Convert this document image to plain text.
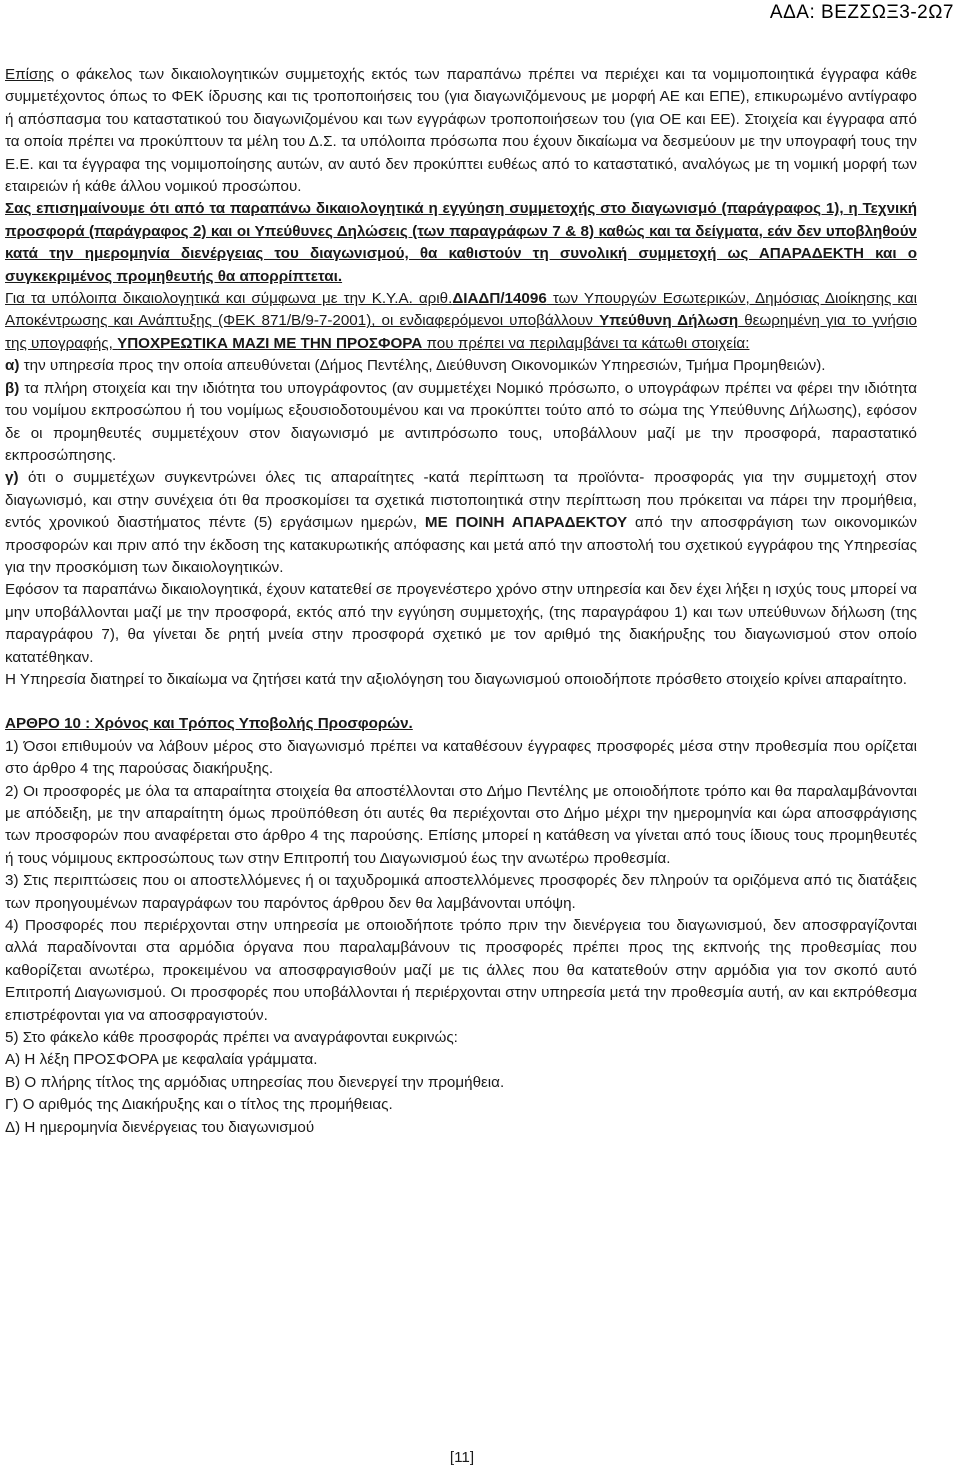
ΑΔΑ: ΒΕΖΣΩΞ3-2Ω7

Επίσης ο φάκελος των δικαιολογητικών συμμετοχής εκτός των παραπάνω πρέπει να περιέχει και τα νομιμοποιητικά έγγραφα κάθε συμμετέχοντος όπως το ΦΕΚ ίδρυσης και τις τροποποιήσεις του (για διαγωνιζόμενους με μορφή ΑΕ και ΕΠΕ), επικυρωμένο αντίγραφο ή απόσπασμα του καταστατικού του διαγωνιζομένου και των εγγράφων τροποποιήσεων του (για ΟΕ και ΕΕ). Στοιχεία και έγγραφα από τα οποία πρέπει να προκύπτουν τα μέλη του Δ.Σ. τα υπόλοιπα πρόσωπα που έχουν δικαίωμα να δεσμεύουν με την υπογραφή τους την Ε.Ε. και τα έγγραφα της νομιμοποίησης αυτών, αν αυτό δεν προκύπτει ευθέως από το καταστατικό, αναλόγως με τη νομική μορφή των εταιρειών ή κάθε άλλου νομικού προσώπου.

Σας επισημαίνουμε ότι από τα παραπάνω δικαιολογητικά η εγγύηση συμμετοχής στο διαγωνισμό (παράγραφος 1), η Τεχνική προσφορά (παράγραφος 2) και οι Υπεύθυνες Δηλώσεις (των παραγράφων 7 & 8) καθώς και τα δείγματα, εάν δεν υποβληθούν κατά την ημερομηνία διενέργειας του διαγωνισμού, θα καθιστούν τη συνολική συμμετοχή ως ΑΠΑΡΑΔΕΚΤΗ και ο συγκεκριμένος προμηθευτής θα απορρίπτεται.

Για τα υπόλοιπα δικαιολογητικά και σύμφωνα με την Κ.Υ.Α. αριθ.ΔΙΑΔΠ/14096 των Υπουργών Εσωτερικών, Δημόσιας Διοίκησης και Αποκέντρωσης και Ανάπτυξης (ΦΕΚ 871/Β/9-7-2001), οι ενδιαφερόμενοι υποβάλλουν Υπεύθυνη Δήλωση θεωρημένη για το γνήσιο της υπογραφής, ΥΠΟΧΡΕΩΤΙΚΑ ΜΑΖΙ ΜΕ ΤΗΝ ΠΡΟΣΦΟΡΑ που πρέπει να περιλαμβάνει τα κάτωθι στοιχεία:

α) την υπηρεσία προς την οποία απευθύνεται (Δήμος Πεντέλης, Διεύθυνση Οικονομικών Υπηρεσιών, Τμήμα Προμηθειών).

β) τα πλήρη στοιχεία και την ιδιότητα του υπογράφοντος (αν συμμετέχει Νομικό πρόσωπο, ο υπογράφων πρέπει να φέρει την ιδιότητα του νομίμου εκπροσώπου ή του νομίμως εξουσιοδοτουμένου και να προκύπτει τούτο από το σώμα της Υπεύθυνης Δήλωσης), εφόσον δε οι προμηθευτές συμμετέχουν στον διαγωνισμό με αντιπρόσωπο τους, υποβάλλουν μαζί με την προσφορά, παραστατικό εκπροσώπησης.

γ) ότι ο συμμετέχων συγκεντρώνει όλες τις απαραίτητες -κατά περίπτωση τα προϊόντα- προσφοράς για την συμμετοχή στον διαγωνισμό, και στην συνέχεια ότι θα προσκομίσει τα σχετικά πιστοποιητικά στην περίπτωση που πρόκειται να πάρει την προμήθεια, εντός χρονικού διαστήματος πέντε (5) εργάσιμων ημερών, ΜΕ ΠΟΙΝΗ ΑΠΑΡΑΔΕΚΤΟΥ από την αποσφράγιση των οικονομικών προσφορών και πριν από την έκδοση της κατακυρωτικής απόφασης και μετά από την αποστολή του σχετικού εγγράφου της Υπηρεσίας για την προσκόμιση των δικαιολογητικών.

Εφόσον τα παραπάνω δικαιολογητικά, έχουν κατατεθεί σε προγενέστερο χρόνο στην υπηρεσία και δεν έχει λήξει η ισχύς τους μπορεί να μην υποβάλλονται μαζί με την προσφορά, εκτός από την εγγύηση συμμετοχής, (της παραγράφου 1) και των υπεύθυνων δήλωση (της παραγράφου 7), θα γίνεται δε ρητή μνεία στην προσφορά σχετικό με τον αριθμό της διακήρυξης του διαγωνισμού στον οποίο κατατέθηκαν.

Η Υπηρεσία διατηρεί το δικαίωμα να ζητήσει κατά την αξιολόγηση του διαγωνισμού οποιοδήποτε πρόσθετο στοιχείο κρίνει απαραίτητο.

ΑΡΘΡΟ 10 : Χρόνος και Τρόπος Υποβολής Προσφορών.

1) Όσοι επιθυμούν να λάβουν μέρος στο διαγωνισμό πρέπει να καταθέσουν έγγραφες προσφορές μέσα στην προθεσμία που ορίζεται στο άρθρο 4 της παρούσας διακήρυξης.

2) Οι προσφορές με όλα τα απαραίτητα στοιχεία θα αποστέλλονται στο Δήμο Πεντέλης με οποιοδήποτε τρόπο και θα παραλαμβάνονται με απόδειξη, με την απαραίτητη όμως προϋπόθεση ότι αυτές θα περιέχονται στο Δήμο μέχρι την ημερομηνία και ώρα αποσφράγισης των προσφορών που αναφέρεται στο άρθρο 4 της παρούσης. Επίσης μπορεί η κατάθεση να γίνεται από τους ίδιους τους προμηθευτές ή τους νόμιμους εκπροσώπους των στην Επιτροπή του Διαγωνισμού έως την ανωτέρω προθεσμία.

3) Στις περιπτώσεις που οι αποστελλόμενες ή οι ταχυδρομικά αποστελλόμενες προσφορές δεν πληρούν τα οριζόμενα από τις διατάξεις των προηγουμένων παραγράφων του παρόντος άρθρου δεν θα λαμβάνονται υπόψη.

4) Προσφορές που περιέρχονται στην υπηρεσία με οποιοδήποτε τρόπο πριν την διενέργεια του διαγωνισμού, δεν αποσφραγίζονται αλλά παραδίνονται στα αρμόδια όργανα που παραλαμβάνουν τις προσφορές πρέπει προς της εκπνοής της προθεσμίας που καθορίζεται ανωτέρω, προκειμένου να αποσφραγισθούν μαζί με τις άλλες που θα κατατεθούν στην αρμόδια για τον σκοπό αυτό Επιτροπή Διαγωνισμού. Οι προσφορές που υποβάλλονται ή περιέρχονται στην υπηρεσία μετά την προθεσμία αυτή, αν και εκπρόθεσμα επιστρέφονται για να αποσφραγιστούν.

5) Στο φάκελο κάθε προσφοράς πρέπει να αναγράφονται ευκρινώς:

Α) Η λέξη ΠΡΟΣΦΟΡΑ με κεφαλαία γράμματα.

Β) Ο πλήρης τίτλος της αρμόδιας υπηρεσίας που διενεργεί την προμήθεια.

Γ) Ο αριθμός της Διακήρυξης και ο τίτλος της προμήθειας.

Δ) Η ημερομηνία διενέργειας του διαγωνισμού

[11]
